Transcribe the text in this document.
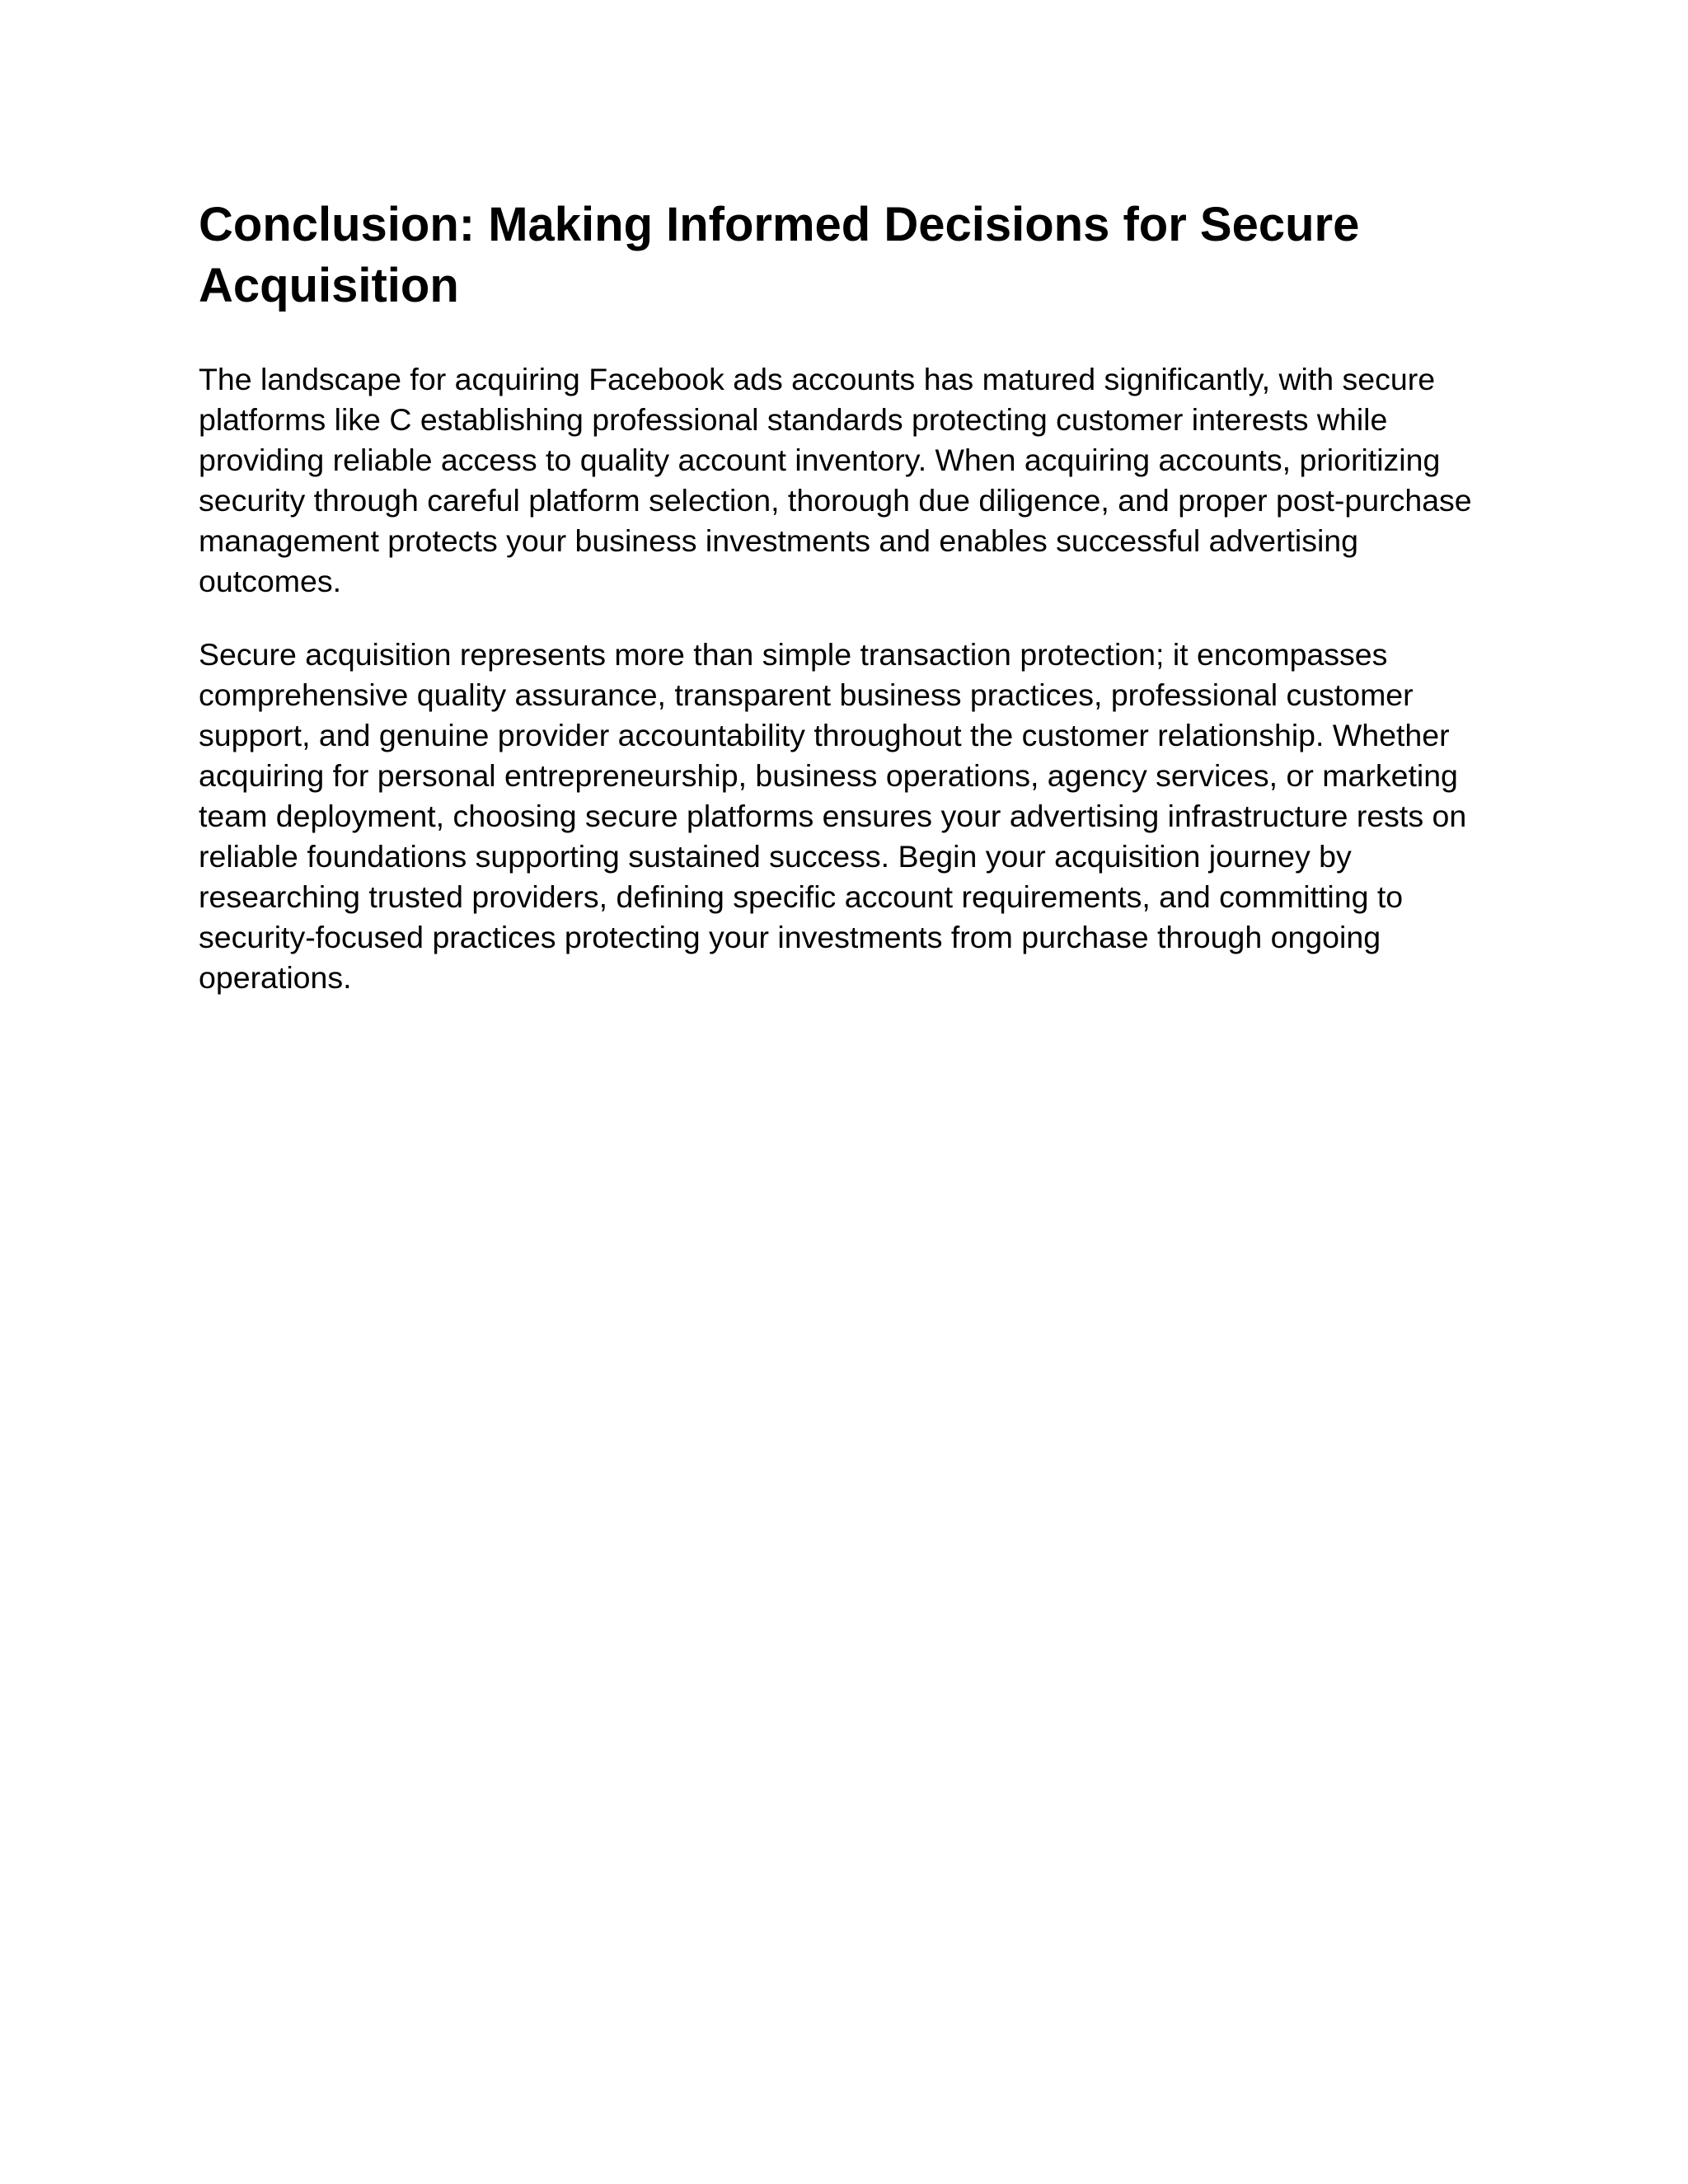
Conclusion: Making Informed Decisions for Secure Acquisition

The landscape for acquiring Facebook ads accounts has matured significantly, with secure platforms like C establishing professional standards protecting customer interests while providing reliable access to quality account inventory. When acquiring accounts, prioritizing security through careful platform selection, thorough due diligence, and proper post-purchase management protects your business investments and enables successful advertising outcomes.

Secure acquisition represents more than simple transaction protection; it encompasses comprehensive quality assurance, transparent business practices, professional customer support, and genuine provider accountability throughout the customer relationship. Whether acquiring for personal entrepreneurship, business operations, agency services, or marketing team deployment, choosing secure platforms ensures your advertising infrastructure rests on reliable foundations supporting sustained success. Begin your acquisition journey by researching trusted providers, defining specific account requirements, and committing to security-focused practices protecting your investments from purchase through ongoing operations.
